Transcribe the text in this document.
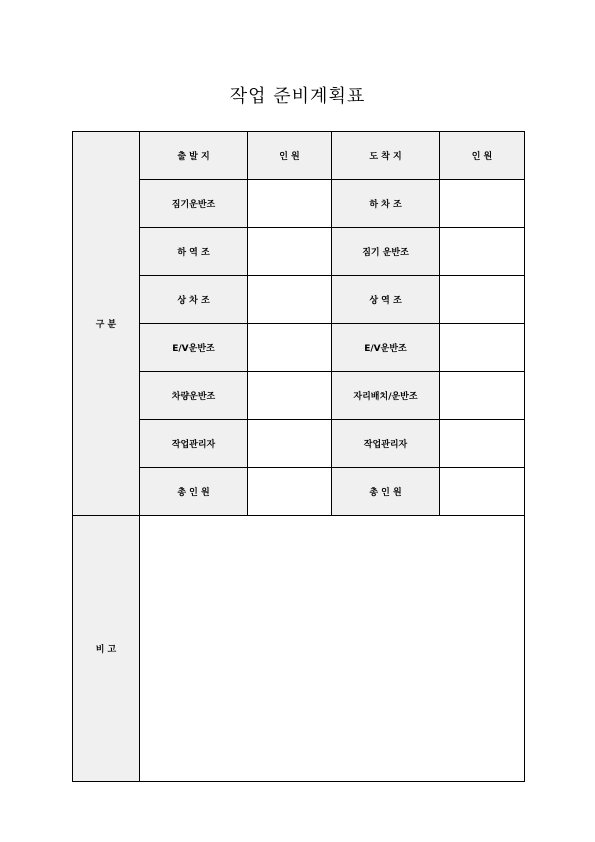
작업 준비계획표
구 분	출 발 지	인 원	도 착 지	인 원
	짐기운반조		하 차 조	
	하 역 조		짐기 운반조	
	상 차 조		상 역 조	
	E/V운반조		E/V운반조	
	차량운반조		자리배치/운반조	
	작업관리자		작업관리자	
	총 인 원		총 인 원	
비 고				
